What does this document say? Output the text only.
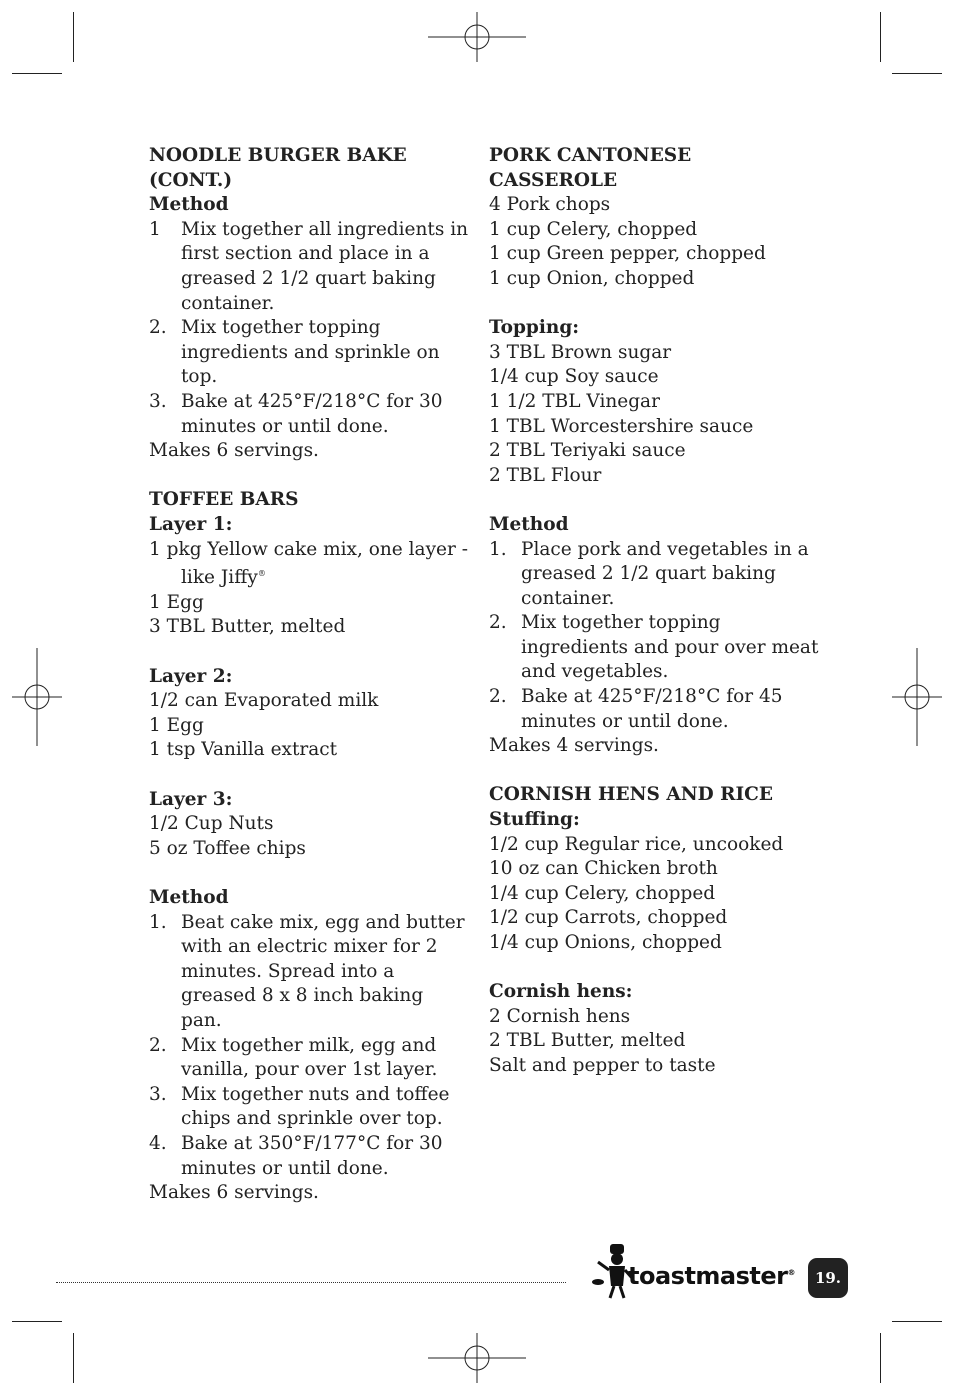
NOODLE BURGER BAKE
(CONT.)
Method
1	Mix together all ingredients in first section and place in a greased 2 1/2 quart baking container.
2. Mix together topping ingredients and sprinkle on top.
3. Bake at 425°F/218°C for 30 minutes or until done.
Makes 6 servings.
TOFFEE BARS
Layer 1:
1 pkg Yellow cake mix, one layer - like Jiffy®
1 Egg
3 TBL Butter, melted
Layer 2:
1/2 can Evaporated milk
1 Egg
1 tsp Vanilla extract
Layer 3:
1/2 Cup Nuts
5 oz Toffee chips
Method
1. Beat cake mix, egg and butter with an electric mixer for 2 minutes. Spread into a greased 8 x 8 inch baking pan.
2. Mix together milk, egg and vanilla, pour over 1st layer.
3. Mix together nuts and toffee chips and sprinkle over top.
4. Bake at 350°F/177°C for 30 minutes or until done.
Makes 6 servings.
PORK CANTONESE CASSEROLE
4 Pork chops
1 cup Celery, chopped
1 cup Green pepper, chopped
1 cup Onion, chopped
Topping:
3 TBL Brown sugar
1/4 cup Soy sauce
1 1/2 TBL Vinegar
1 TBL Worcestershire sauce
2 TBL Teriyaki sauce
2 TBL Flour
Method
1. Place pork and vegetables in a greased 2 1/2 quart baking container.
2. Mix together topping ingredients and pour over meat and vegetables.
2. Bake at 425°F/218°C for 45 minutes or until done.
Makes 4 servings.
CORNISH HENS AND RICE
Stuffing:
1/2 cup Regular rice, uncooked
10 oz can Chicken broth
1/4 cup Celery, chopped
1/2 cup Carrots, chopped
1/4 cup Onions, chopped
Cornish hens:
2 Cornish hens
2 TBL Butter, melted
Salt and pepper to taste
toastmaster®	19.
